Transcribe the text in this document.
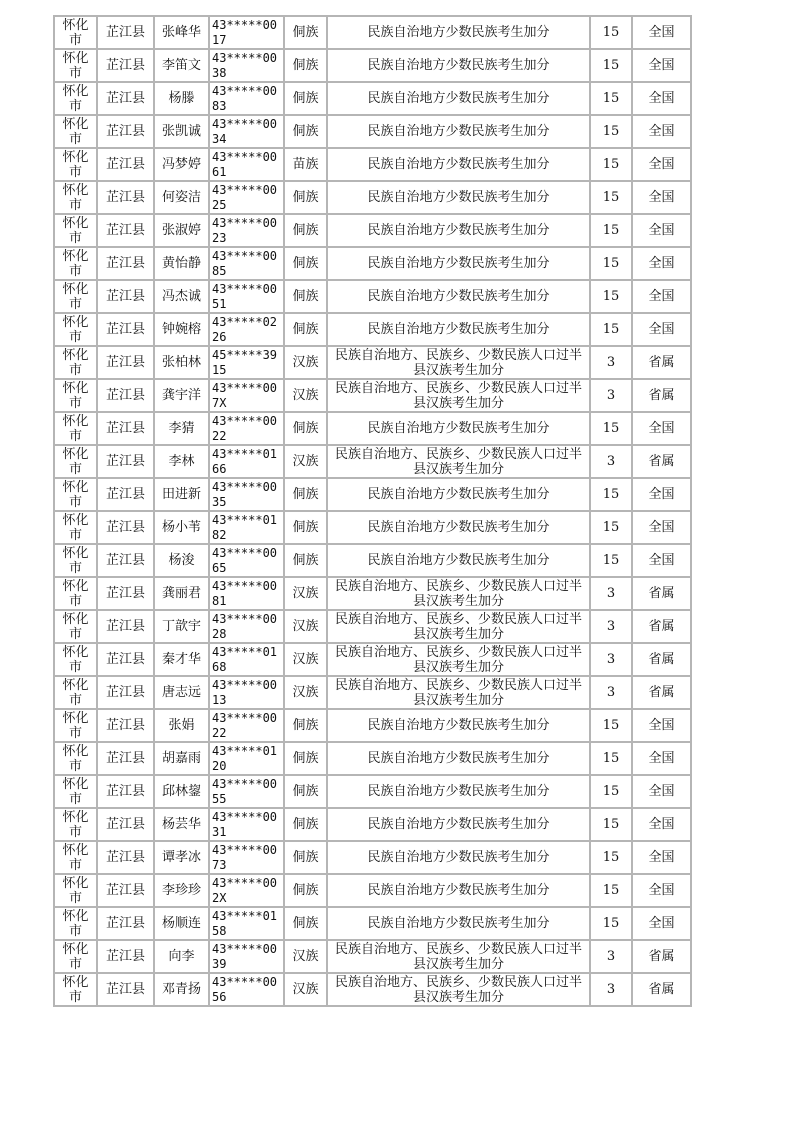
怀化市	芷江县	张峰华	43*****0017	侗族	民族自治地方少数民族考生加分	15	全国
怀化市	芷江县	李笛文	43*****0038	侗族	民族自治地方少数民族考生加分	15	全国
怀化市	芷江县	杨滕	43*****0083	侗族	民族自治地方少数民族考生加分	15	全国
怀化市	芷江县	张凯诚	43*****0034	侗族	民族自治地方少数民族考生加分	15	全国
怀化市	芷江县	冯梦婷	43*****0061	苗族	民族自治地方少数民族考生加分	15	全国
怀化市	芷江县	何姿洁	43*****0025	侗族	民族自治地方少数民族考生加分	15	全国
怀化市	芷江县	张淑婷	43*****0023	侗族	民族自治地方少数民族考生加分	15	全国
怀化市	芷江县	黄怡静	43*****0085	侗族	民族自治地方少数民族考生加分	15	全国
怀化市	芷江县	冯杰诚	43*****0051	侗族	民族自治地方少数民族考生加分	15	全国
怀化市	芷江县	钟婉榕	43*****0226	侗族	民族自治地方少数民族考生加分	15	全国
怀化市	芷江县	张柏林	45*****3915	汉族	民族自治地方、民族乡、少数民族人口过半县汉族考生加分	3	省属
怀化市	芷江县	龚宇洋	43*****007X	汉族	民族自治地方、民族乡、少数民族人口过半县汉族考生加分	3	省属
怀化市	芷江县	李猜	43*****0022	侗族	民族自治地方少数民族考生加分	15	全国
怀化市	芷江县	李林	43*****0166	汉族	民族自治地方、民族乡、少数民族人口过半县汉族考生加分	3	省属
怀化市	芷江县	田进新	43*****0035	侗族	民族自治地方少数民族考生加分	15	全国
怀化市	芷江县	杨小苇	43*****0182	侗族	民族自治地方少数民族考生加分	15	全国
怀化市	芷江县	杨浚	43*****0065	侗族	民族自治地方少数民族考生加分	15	全国
怀化市	芷江县	龚丽君	43*****0081	汉族	民族自治地方、民族乡、少数民族人口过半县汉族考生加分	3	省属
怀化市	芷江县	丁歆宇	43*****0028	汉族	民族自治地方、民族乡、少数民族人口过半县汉族考生加分	3	省属
怀化市	芷江县	秦才华	43*****0168	汉族	民族自治地方、民族乡、少数民族人口过半县汉族考生加分	3	省属
怀化市	芷江县	唐志远	43*****0013	汉族	民族自治地方、民族乡、少数民族人口过半县汉族考生加分	3	省属
怀化市	芷江县	张娟	43*****0022	侗族	民族自治地方少数民族考生加分	15	全国
怀化市	芷江县	胡嘉雨	43*****0120	侗族	民族自治地方少数民族考生加分	15	全国
怀化市	芷江县	邱林鋆	43*****0055	侗族	民族自治地方少数民族考生加分	15	全国
怀化市	芷江县	杨芸华	43*****0031	侗族	民族自治地方少数民族考生加分	15	全国
怀化市	芷江县	谭孝冰	43*****0073	侗族	民族自治地方少数民族考生加分	15	全国
怀化市	芷江县	李珍珍	43*****002X	侗族	民族自治地方少数民族考生加分	15	全国
怀化市	芷江县	杨顺连	43*****0158	侗族	民族自治地方少数民族考生加分	15	全国
怀化市	芷江县	向李	43*****0039	汉族	民族自治地方、民族乡、少数民族人口过半县汉族考生加分	3	省属
怀化市	芷江县	邓青扬	43*****0056	汉族	民族自治地方、民族乡、少数民族人口过半县汉族考生加分	3	省属
